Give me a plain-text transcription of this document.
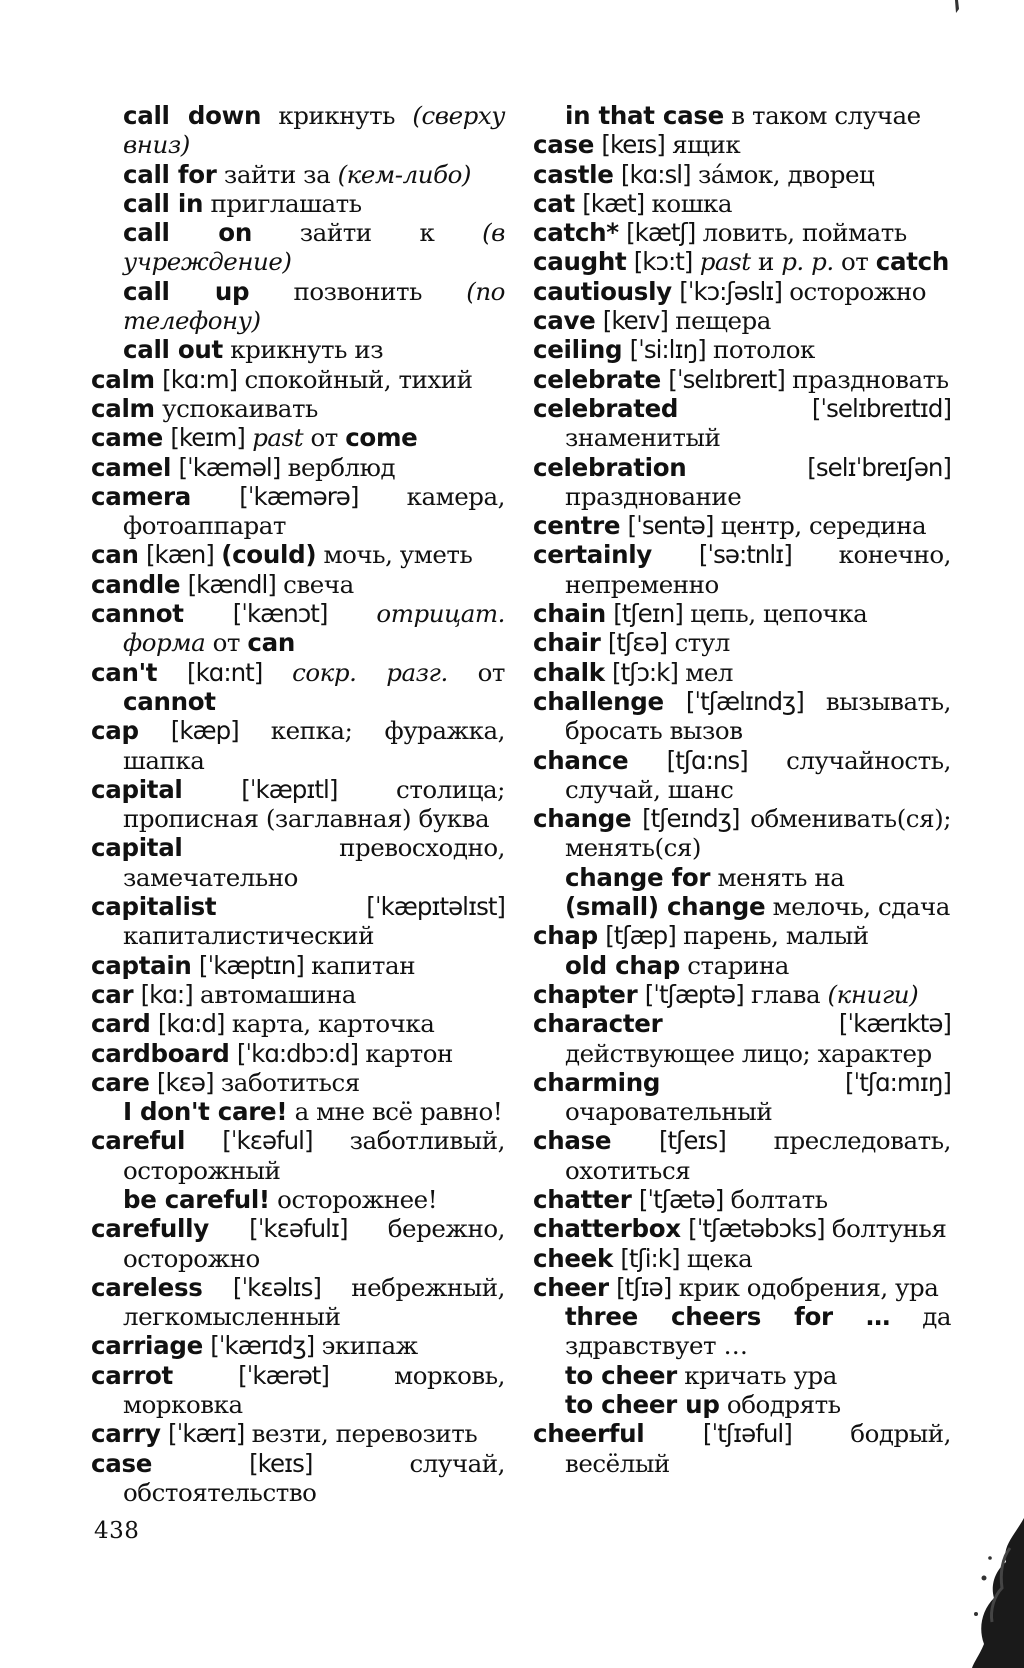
call down крикнуть (сверху вниз)
call for зайти за (кем-либо)
call in приглашать
call on зайти к (в учреждение)
call up позвонить (по телефону)
call out крикнуть из
calm [kɑ:m] спокойный, тихий
calm успокаивать
came [keɪm] past от come
camel [ˈkæməl] верблюд
camera [ˈkæmərə] камера, фотоаппарат
can [kæn] (could) мочь, уметь
candle [kændl] свеча
cannot [ˈkænɔt] отрицат. форма от can
can't [kɑ:nt] сокр. разг. от cannot
cap [kæp] кепка; фуражка, шапка
capital [ˈkæpɪtl] столица; прописная (заглавная) буква
capital превосходно, замечательно
capitalist	[ˈkæpɪtəlɪst] капиталистический
captain [ˈkæptɪn] капитан
car [kɑ:] автомашина
card [kɑ:d] карта, карточка
cardboard [ˈkɑ:dbɔ:d] картон
care [kɛə] заботиться
I don't care! а мне всё равно!
careful [ˈkɛəful] заботливый, осторожный
be careful! осторожнее!
carefully [ˈkɛəfulɪ] бережно, осторожно
careless [ˈkɛəlɪs] небрежный, легкомысленный
carriage [ˈkærɪdʒ] экипаж
carrot	[ˈkærət] морковь, морковка
carry [ˈkærɪ] везти, перевозить
case	[keɪs] случай, обстоятельство
in that case в таком случае
case [keɪs] ящик
castle [kɑ:sl] за́мок, дворец
cat [kæt] кошка
catch* [kætʃ] ловить, поймать
caught [kɔ:t] past и p. p. от catch
cautiously [ˈkɔ:ʃəslɪ] осторожно
cave [keɪv] пещера
ceiling [ˈsi:lɪŋ] потолок
celebrate [ˈselɪbreɪt] праздновать
celebrated	[ˈselɪbreɪtɪd] знаменитый
celebration	[selɪˈbreɪʃən] празднование
centre [ˈsentə] центр, середина
certainly [ˈsə:tnlɪ] конечно, непременно
chain [tʃeɪn] цепь, цепочка
chair [tʃɛə] стул
chalk [tʃɔ:k] мел
challenge [ˈtʃælɪndʒ] вызывать, бросать вызов
chance [tʃɑ:ns] случайность, случай, шанс
change [tʃeɪndʒ] обменивать(ся); менять(ся)
change for менять на
(small) change мелочь, сдача
chap [tʃæp] парень, малый
old chap старина
chapter [ˈtʃæptə] глава (книги)
character	[ˈkærɪktə] действующее лицо; характер
charming	[ˈtʃɑ:mɪŋ] очаровательный
chase [tʃeɪs] преследовать, охотиться
chatter [ˈtʃætə] болтать
chatterbox [ˈtʃætəbɔks] болтунья
cheek [tʃi:k] щека
cheer [tʃɪə] крик одобрения, ура
three cheers for … да здравствует …
to cheer кричать ура
to cheer up ободрять
cheerful [ˈtʃɪəful] бодрый, весёлый
438
